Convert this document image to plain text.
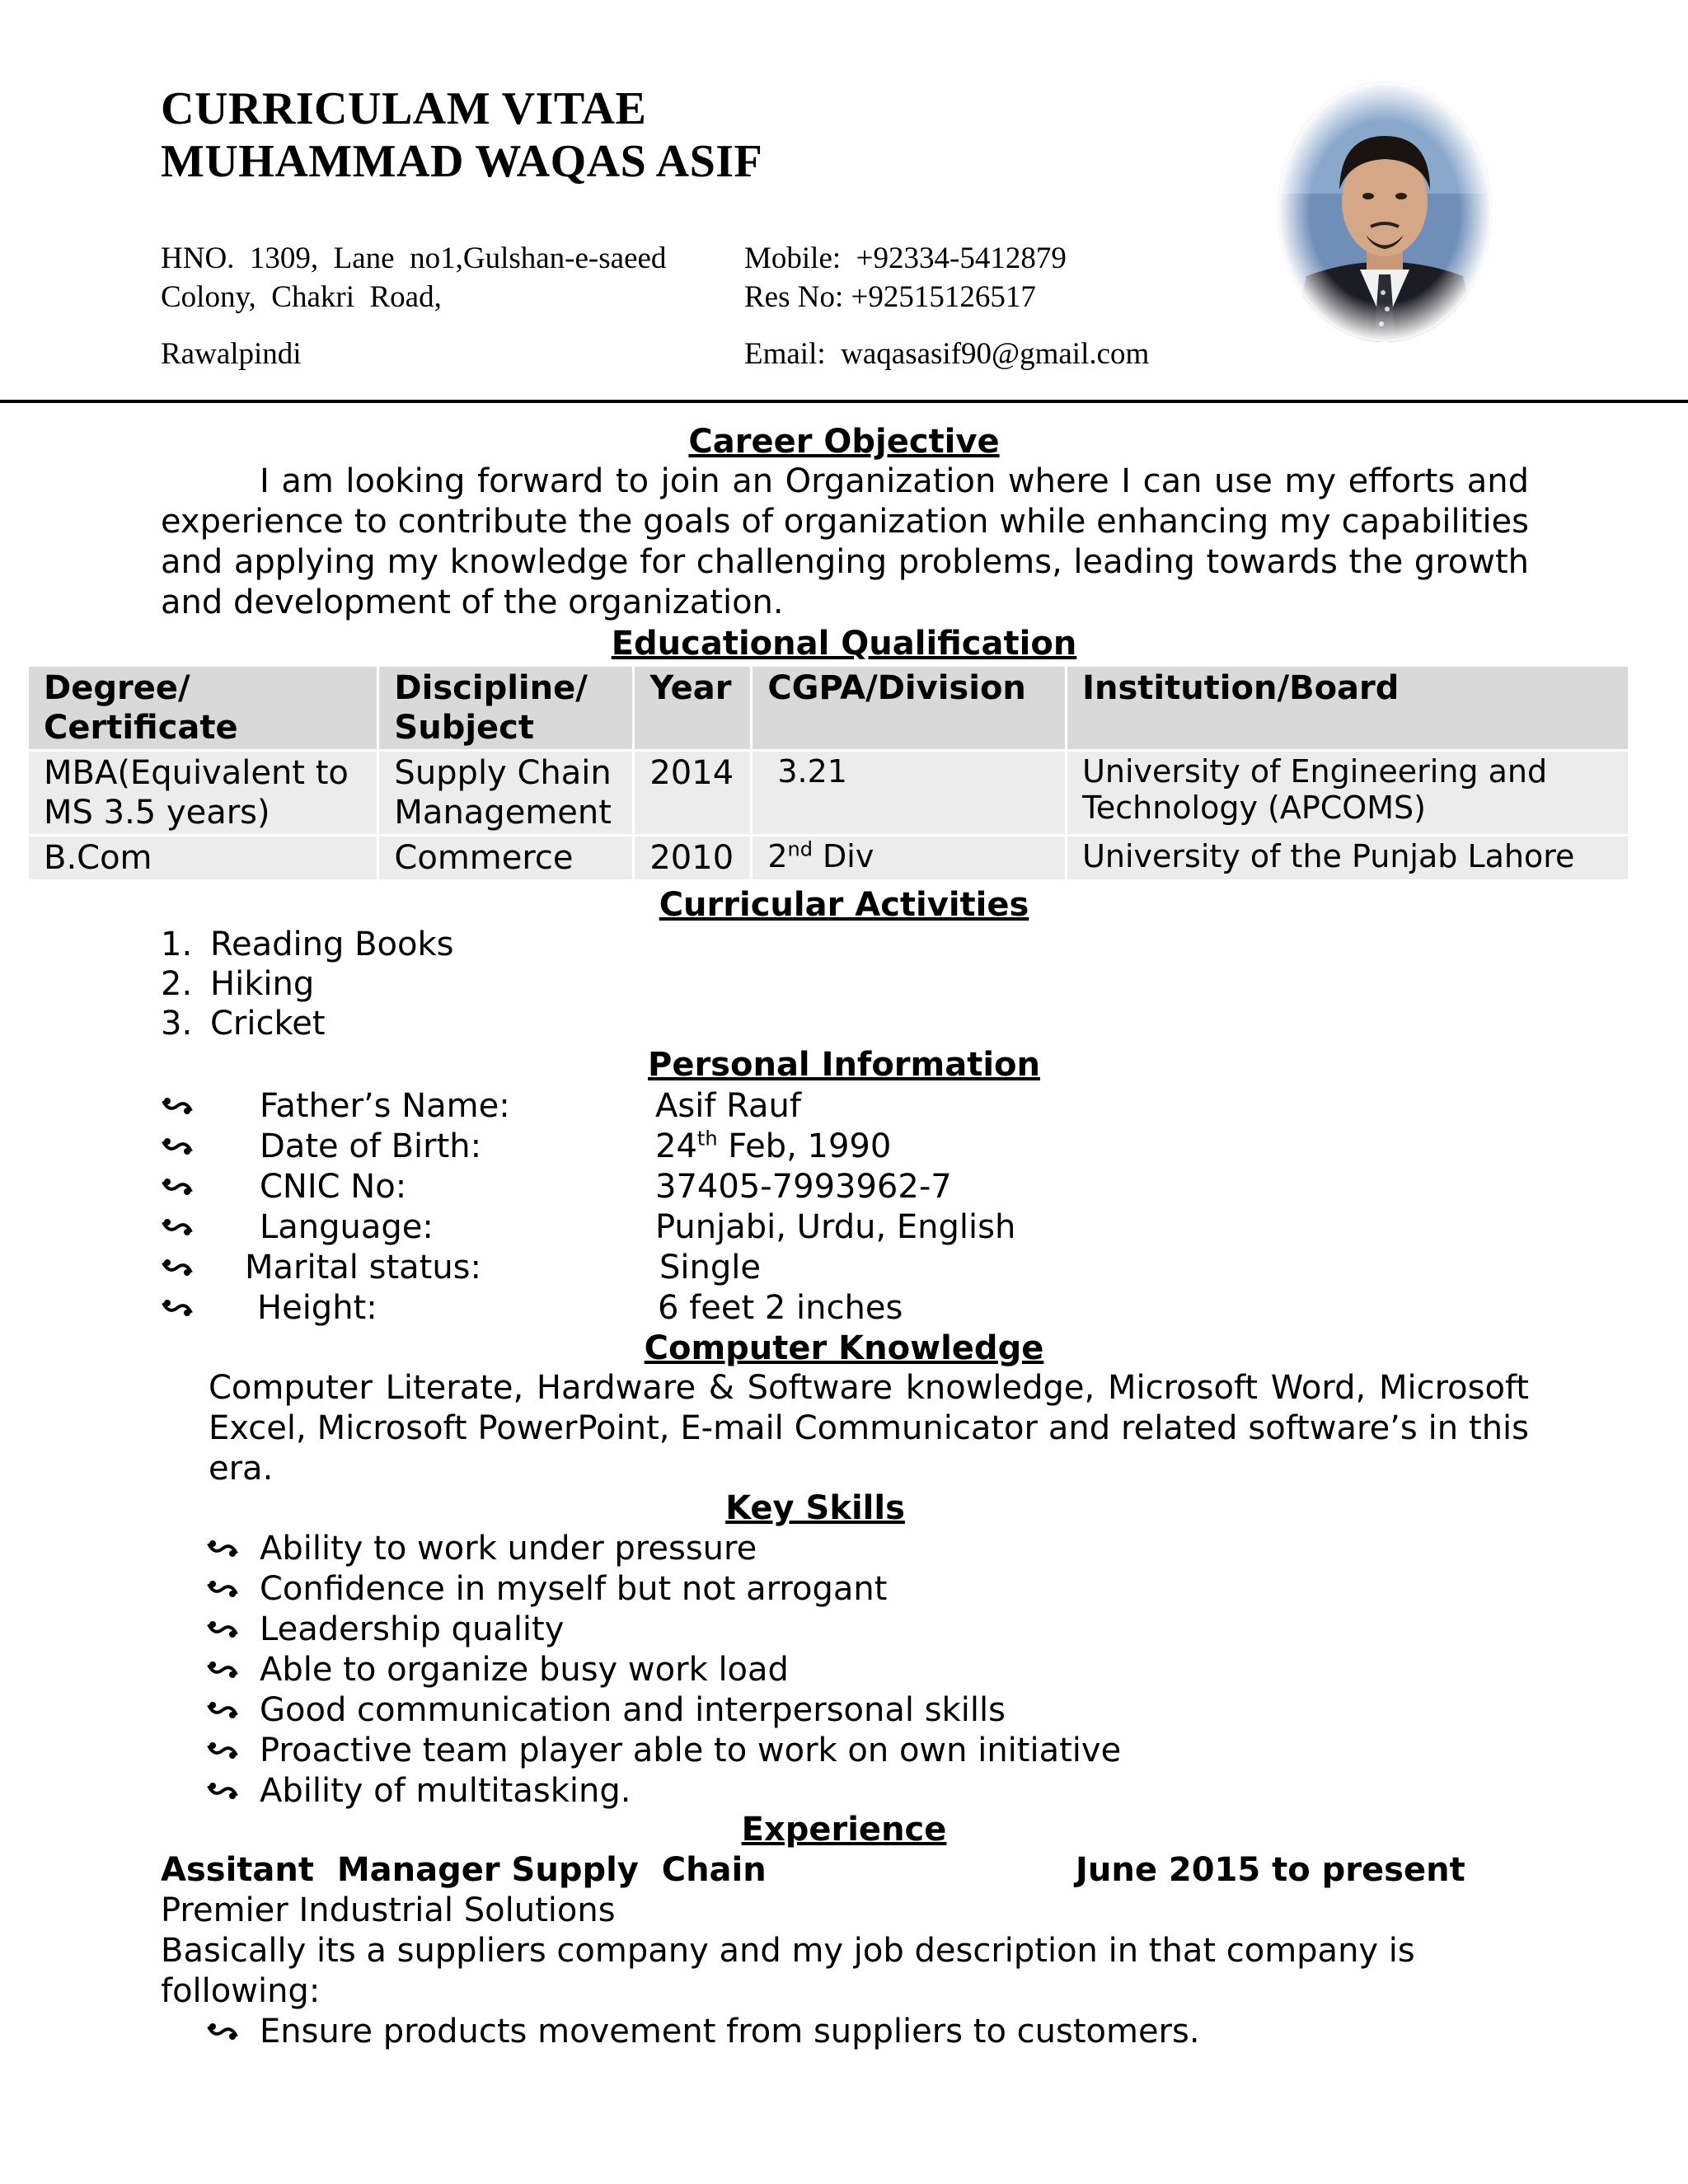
CURRICULAM VITAE
MUHAMMAD WAQAS ASIF
HNO.  1309,  Lane  no1,Gulshan-e-saeed
Colony,  Chakri  Road,
Rawalpindi
Mobile:  +92334-5412879
Res No: +92515126517
Email:  waqasasif90@gmail.com
Career Objective
I am looking forward to join an Organization where I can use my efforts and experience to contribute the goals of organization while enhancing my capabilities and applying my knowledge for challenging problems, leading towards the growth and development of the organization.
Educational Qualification
Degree/ Certificate	Discipline/ Subject	Year	CGPA/Division	Institution/Board
MBA(Equivalent to MS 3.5 years)	Supply Chain Management	2014	3.21	University of Engineering and Technology (APCOMS)
B.Com	Commerce	2010	2nd Div	University of the Punjab Lahore
Curricular Activities
1. Reading Books
2. Hiking
3. Cricket
Personal Information
Father’s Name:	Asif Rauf
Date of Birth:	24th Feb, 1990
CNIC No:	37405-7993962-7
Language:	Punjabi, Urdu, English
Marital status:	Single
Height:	6 feet 2 inches
Computer Knowledge
Computer Literate, Hardware & Software knowledge, Microsoft Word, Microsoft Excel, Microsoft PowerPoint, E-mail Communicator and related software’s in this era.
Key Skills
Ability to work under pressure
Confidence in myself but not arrogant
Leadership quality
Able to organize busy work load
Good communication and interpersonal skills
Proactive team player able to work on own initiative
Ability of multitasking.
Experience
Assitant  Manager Supply  Chain	June 2015 to present
Premier Industrial Solutions
Basically its a suppliers company and my job description in that company is following:
Ensure products movement from suppliers to customers.
